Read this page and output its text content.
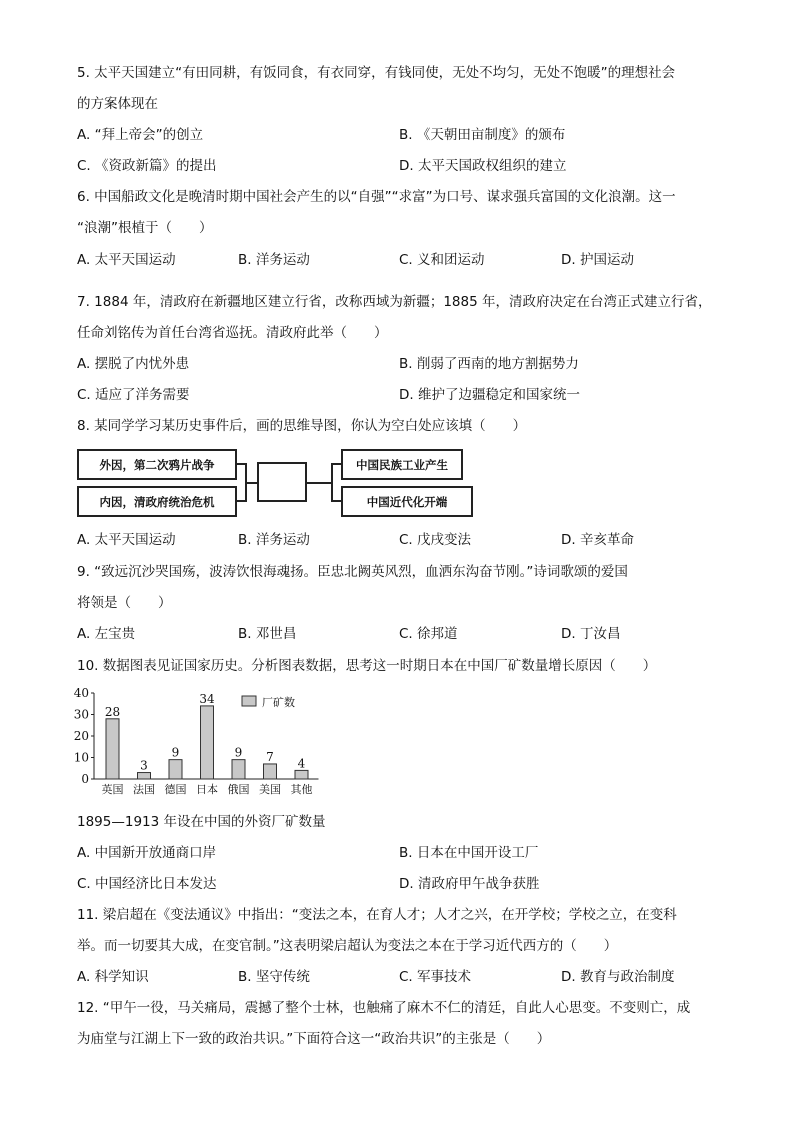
5. 太平天国建立“有田同耕，有饭同食，有衣同穿，有钱同使，无处不均匀，无处不饱暖”的理想社会
的方案体现在
A. “拜上帝会”的创立	B. 《天朝田亩制度》的颁布
C. 《资政新篇》的提出	D. 太平天国政权组织的建立
6. 中国船政文化是晚清时期中国社会产生的以“自强”“求富”为口号、谋求强兵富国的文化浪潮。这一
“浪潮”根植于（　　）
A. 太平天国运动	B. 洋务运动	C. 义和团运动	D. 护国运动
7. 1884 年，清政府在新疆地区建立行省，改称西域为新疆；1885 年，清政府决定在台湾正式建立行省，
任命刘铭传为首任台湾省巡抚。清政府此举（　　）
A. 摆脱了内忧外患	B. 削弱了西南的地方割据势力
C. 适应了洋务需要	D. 维护了边疆稳定和国家统一
8. 某同学学习某历史事件后，画的思维导图，你认为空白处应该填（　　）
外因，第二次鸦片战争
内因，清政府统治危机
中国民族工业产生
中国近代化开端
A. 太平天国运动	B. 洋务运动	C. 戊戌变法	D. 辛亥革命
9. “致远沉沙哭国殇，波涛饮恨海魂扬。臣忠北阙英风烈，血洒东沟奋节刚。”诗词歌颂的爱国
将领是（　　）
A. 左宝贵	B. 邓世昌	C. 徐邦道	D. 丁汝昌
10. 数据图表见证国家历史。分析图表数据，思考这一时期日本在中国厂矿数量增长原因（　　）
0
10
20
30
40
28
英国
3
法国
9
德国
34
日本
9
俄国
7
美国
4
其他
厂矿数
1895—1913 年设在中国的外资厂矿数量
A. 中国新开放通商口岸	B. 日本在中国开设工厂
C. 中国经济比日本发达	D. 清政府甲午战争获胜
11. 梁启超在《变法通议》中指出：“变法之本，在育人才；人才之兴，在开学校；学校之立，在变科
举。而一切要其大成，在变官制。”这表明梁启超认为变法之本在于学习近代西方的（　　）
A. 科学知识	B. 坚守传统	C. 军事技术	D. 教育与政治制度
12. “甲午一役，马关痛局，震撼了整个士林，也触痛了麻木不仁的清廷，自此人心思变。不变则亡，成
为庙堂与江湖上下一致的政治共识。”下面符合这一“政治共识”的主张是（　　）
